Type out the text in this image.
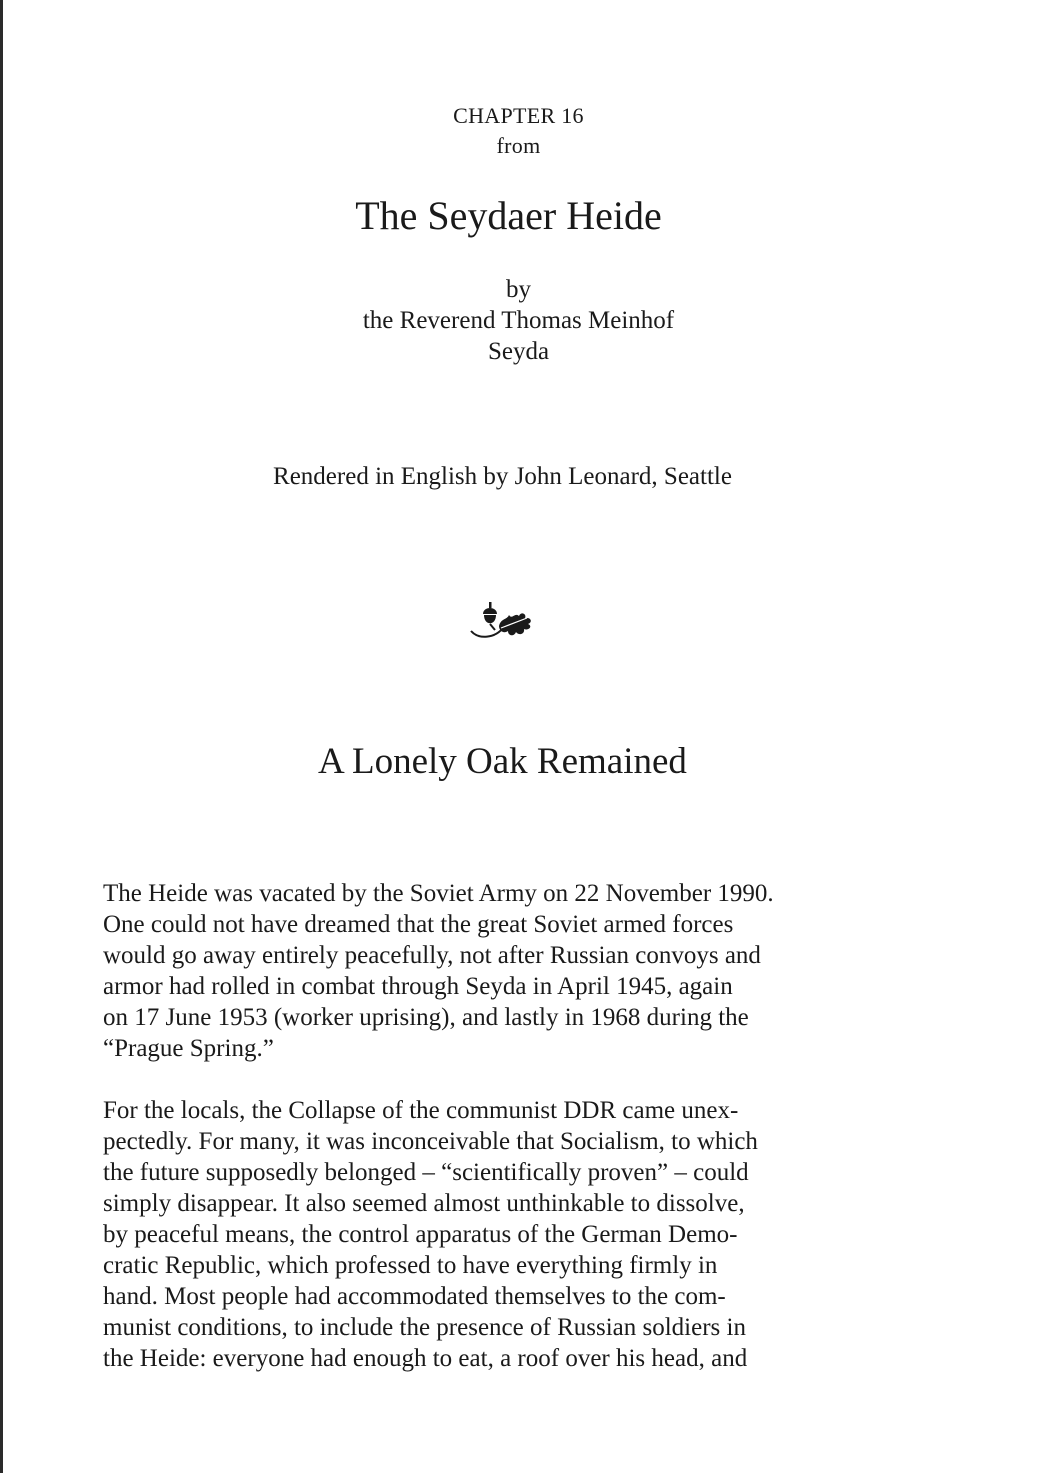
CHAPTER 16
from
The Seydaer Heide
by
the Reverend Thomas Meinhof
Seyda
Rendered in English by John Leonard, Seattle
A Lonely Oak Remained

The Heide was vacated by the Soviet Army on 22 November 1990.
One could not have dreamed that the great Soviet armed forces
would go away entirely peacefully, not after Russian convoys and
armor had rolled in combat through Seyda in April 1945, again
on 17 June 1953 (worker uprising), and lastly in 1968 during the
“Prague Spring.”

For the locals, the Collapse of the communist DDR came unex-
pectedly. For many, it was inconceivable that Socialism, to which
the future supposedly belonged – “scientifically proven” – could
simply disappear. It also seemed almost unthinkable to dissolve,
by peaceful means, the control apparatus of the German Demo-
cratic Republic, which professed to have everything firmly in
hand. Most people had accommodated themselves to the com-
munist conditions, to include the presence of Russian soldiers in
the Heide: everyone had enough to eat, a roof over his head, and
